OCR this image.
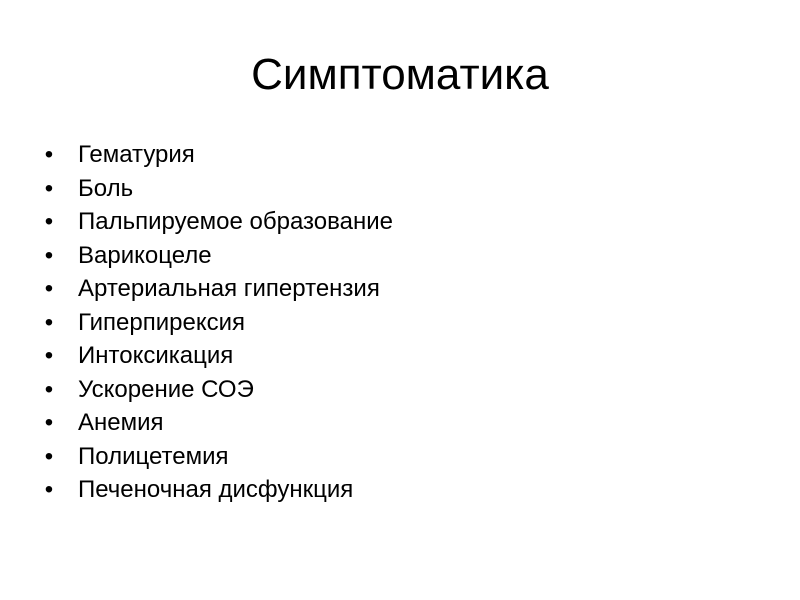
Симптоматика
• Гематурия
• Боль
• Пальпируемое образование
• Варикоцеле
• Артериальная гипертензия
• Гиперпирексия
• Интоксикация
• Ускорение СОЭ
• Анемия
• Полицетемия
• Печеночная дисфункция
